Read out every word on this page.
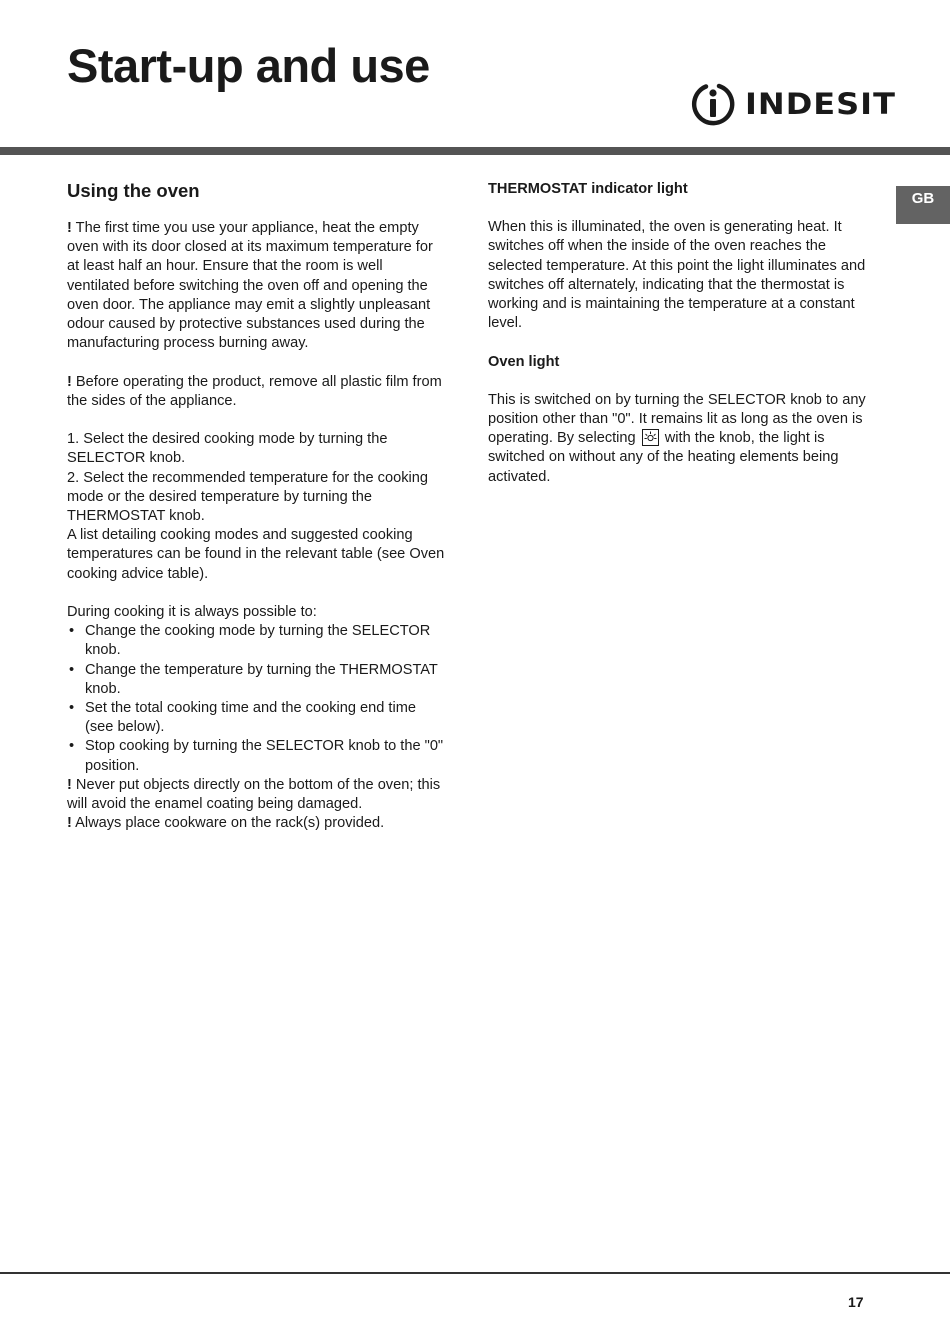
Start-up and use
INDESIT
GB
Using the oven

! The first time you use your appliance, heat the empty oven with its door closed at its maximum temperature for at least half an hour. Ensure that the room is well ventilated before switching the oven off and opening the oven door. The appliance may emit a slightly unpleasant odour caused by protective substances used during the manufacturing process burning away.

! Before operating the product, remove all plastic film from the sides of the appliance.

1. Select the desired cooking mode by turning the SELECTOR knob.

2. Select the recommended temperature for the cooking mode or the desired temperature by turning the THERMOSTAT knob.

A list detailing cooking modes and suggested cooking temperatures can be found in the relevant table (see Oven cooking advice table).

During cooking it is always possible to:

• Change the cooking mode by turning the SELECTOR knob.
• Change the temperature by turning the THERMOSTAT knob.
• Set the total cooking time and the cooking end time (see below).
• Stop cooking by turning the SELECTOR knob to the "0" position.

! Never put objects directly on the bottom of the oven; this will avoid the enamel coating being damaged.

! Always place cookware on the rack(s) provided.

THERMOSTAT indicator light

When this is illuminated, the oven is generating heat. It switches off when the inside of the oven reaches the selected temperature. At this point the light illuminates and switches off alternately, indicating that the thermostat is working and is maintaining the temperature at a constant level.

Oven light

This is switched on by turning the SELECTOR knob to any position other than "0". It remains lit as long as the oven is operating. By selecting  with the knob, the light is switched on without any of the heating elements being activated.

17
